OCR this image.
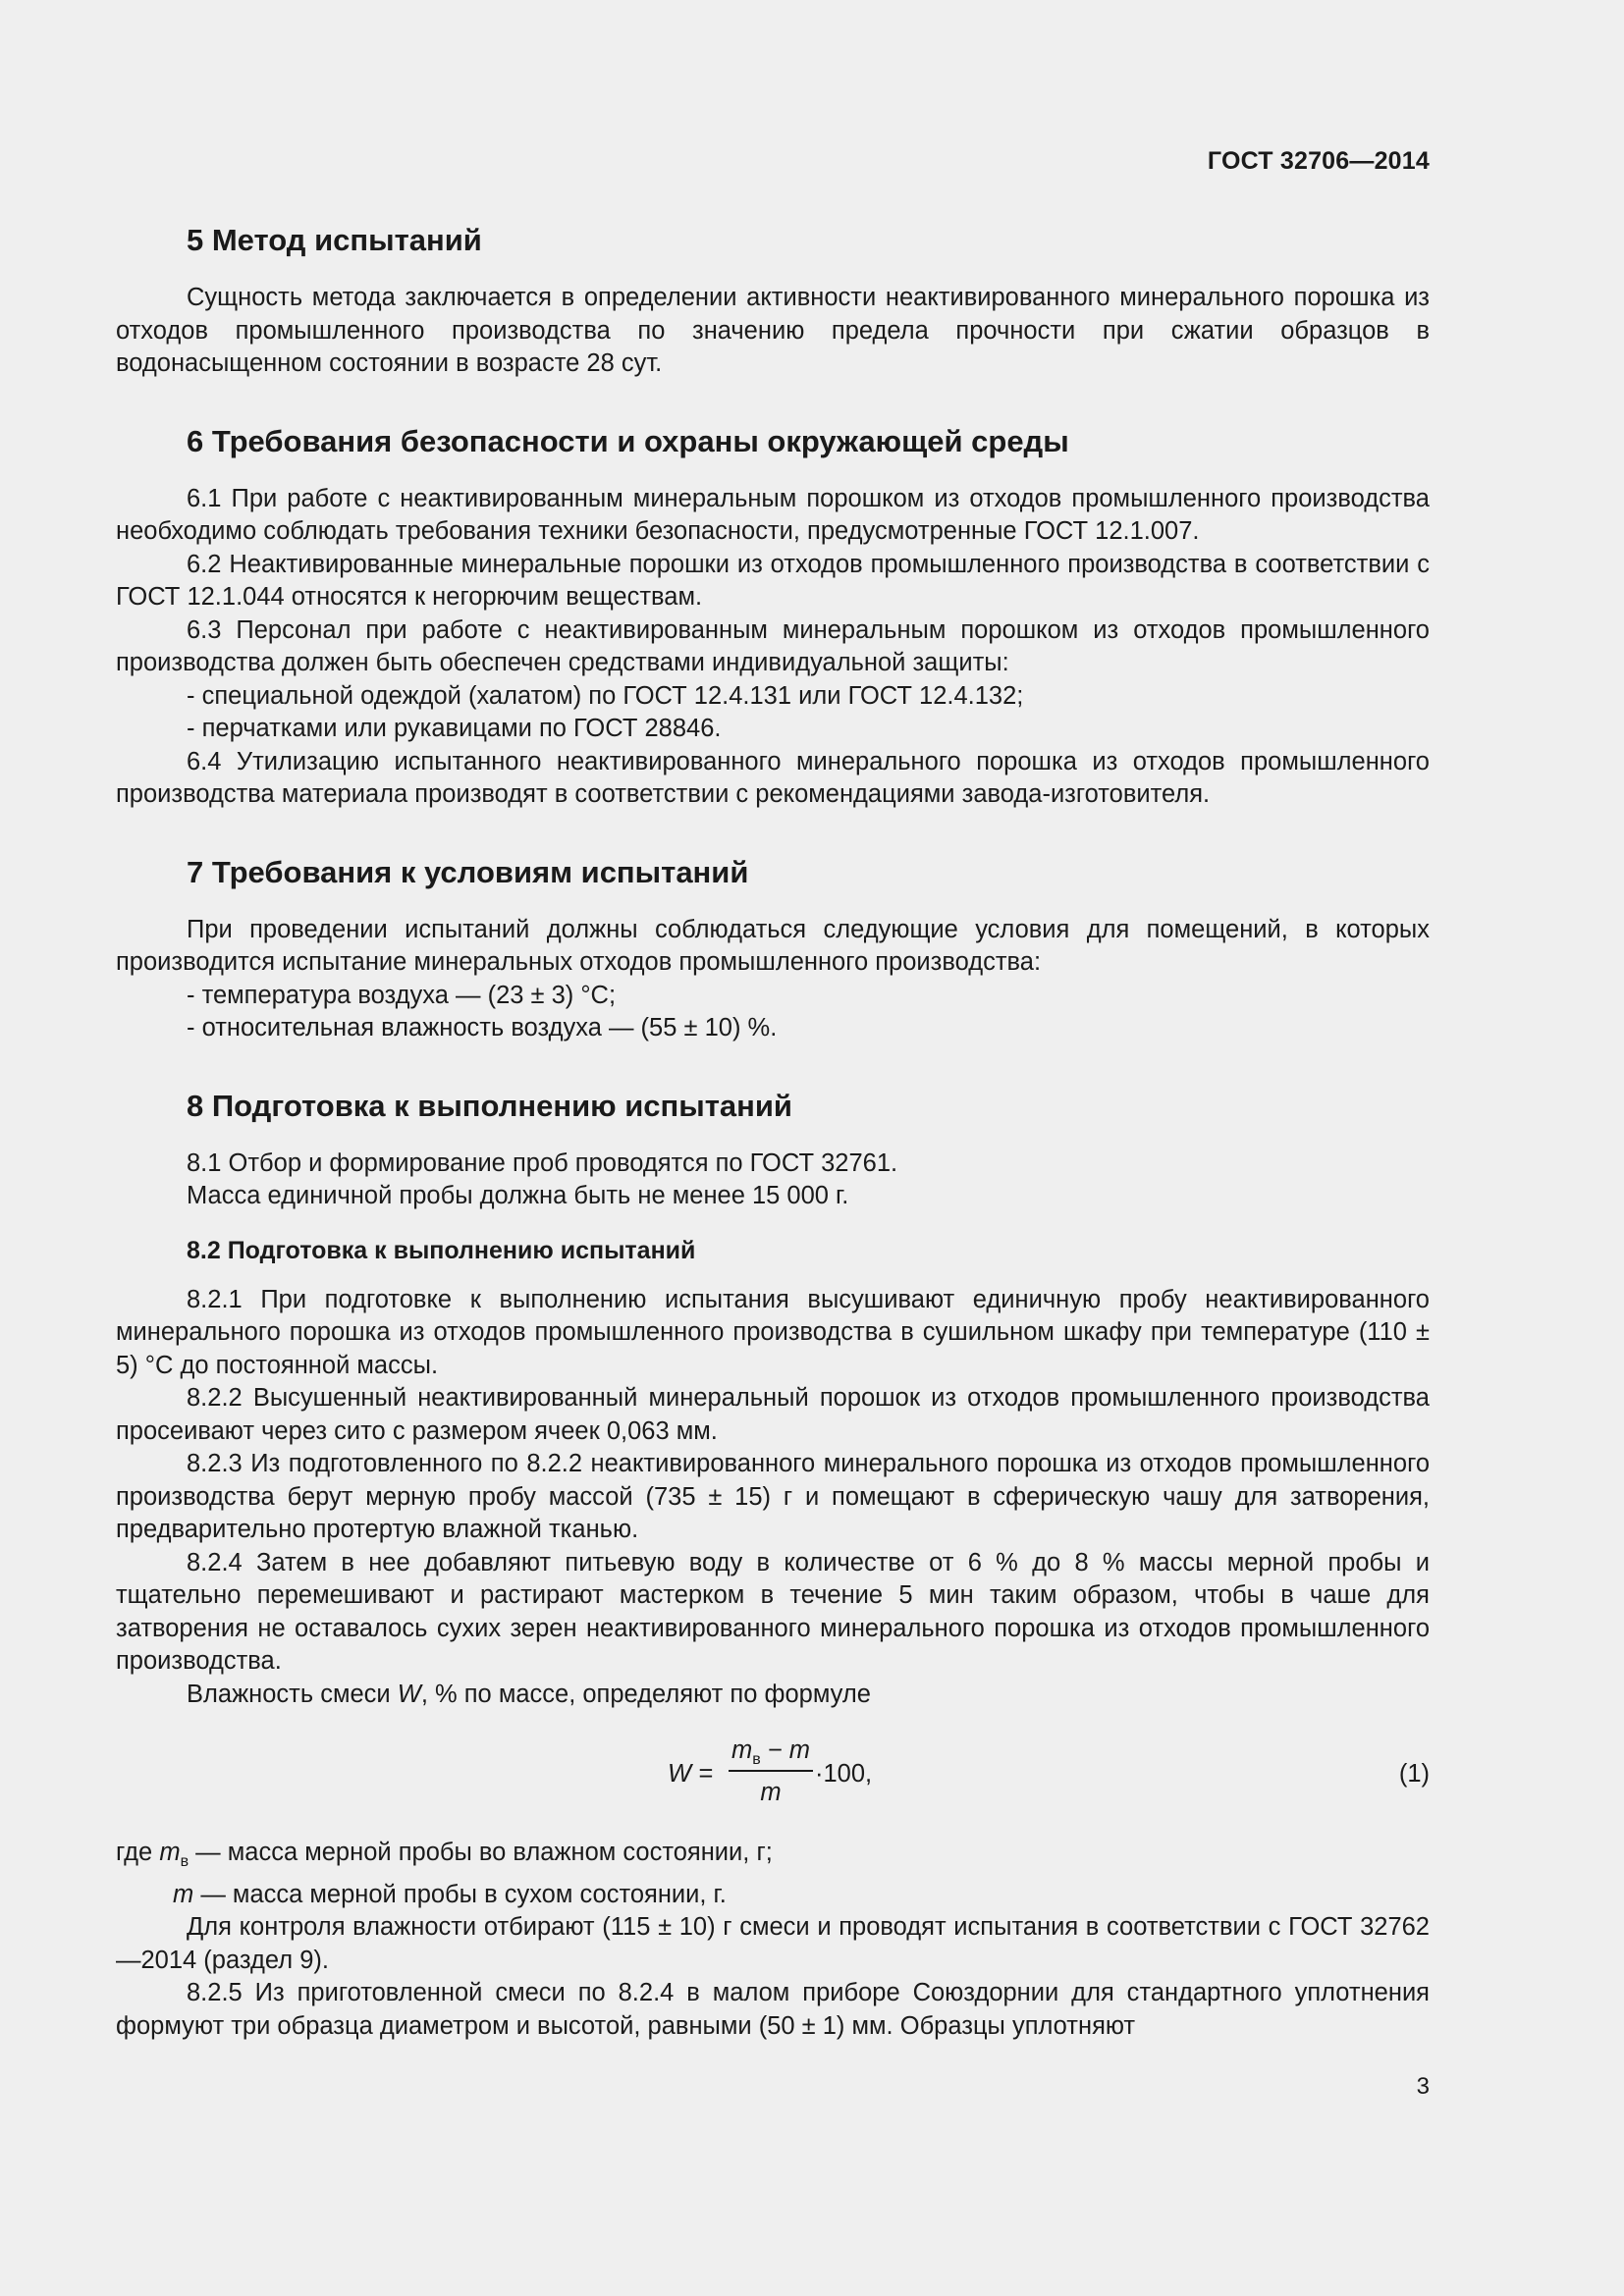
ГОСТ 32706—2014
5 Метод испытаний

Сущность метода заключается в определении активности неактивированного минерального порошка из отходов промышленного производства по значению предела прочности при сжатии образцов в водонасыщенном состоянии в возрасте 28 сут.

6 Требования безопасности и охраны окружающей среды

6.1 При работе с неактивированным минеральным порошком из отходов промышленного производства необходимо соблюдать требования техники безопасности, предусмотренные ГОСТ 12.1.007.

6.2 Неактивированные минеральные порошки из отходов промышленного производства в соответствии с ГОСТ 12.1.044 относятся к негорючим веществам.

6.3 Персонал при работе с неактивированным минеральным порошком из отходов промышленного производства должен быть обеспечен средствами индивидуальной защиты:

- специальной одеждой (халатом) по ГОСТ 12.4.131 или ГОСТ 12.4.132;

- перчатками или рукавицами по ГОСТ 28846.

6.4 Утилизацию испытанного неактивированного минерального порошка из отходов промышленного производства материала производят в соответствии с рекомендациями завода-изготовителя.

7 Требования к условиям испытаний

При проведении испытаний должны соблюдаться следующие условия для помещений, в которых производится испытание минеральных отходов промышленного производства:

- температура воздуха — (23 ± 3) °С;

- относительная влажность воздуха — (55 ± 10) %.

8 Подготовка к выполнению испытаний

8.1 Отбор и формирование проб проводятся по ГОСТ 32761.

Масса единичной пробы должна быть не менее 15 000 г.

8.2 Подготовка к выполнению испытаний

8.2.1 При подготовке к выполнению испытания высушивают единичную пробу неактивированного минерального порошка из отходов промышленного производства в сушильном шкафу при температуре (110 ± 5) °С до постоянной массы.

8.2.2 Высушенный неактивированный минеральный порошок из отходов промышленного производства просеивают через сито с размером ячеек 0,063 мм.

8.2.3 Из подготовленного по 8.2.2 неактивированного минерального порошка из отходов промышленного производства берут мерную пробу массой (735 ± 15) г и помещают в сферическую чашу для затворения, предварительно протертую влажной тканью.

8.2.4 Затем в нее добавляют питьевую воду в количестве от 6 % до 8 % массы мерной пробы и тщательно перемешивают и растирают мастерком в течение 5 мин таким образом, чтобы в чаше для затворения не оставалось сухих зерен неактивированного минерального порошка из отходов промышленного производства.

Влажность смеси W, % по массе, определяют по формуле

W =
$m_в - m$
m
·100,	(1)
где $m_в$ — масса мерной пробы во влажном состоянии, г;
m — масса мерной пробы в сухом состоянии, г.

Для контроля влажности отбирают (115 ± 10) г смеси и проводят испытания в соответствии с ГОСТ 32762—2014 (раздел 9).

8.2.5 Из приготовленной смеси по 8.2.4 в малом приборе Союздорнии для стандартного уплотнения формуют три образца диаметром и высотой, равными (50 ± 1) мм. Образцы уплотняют

3
